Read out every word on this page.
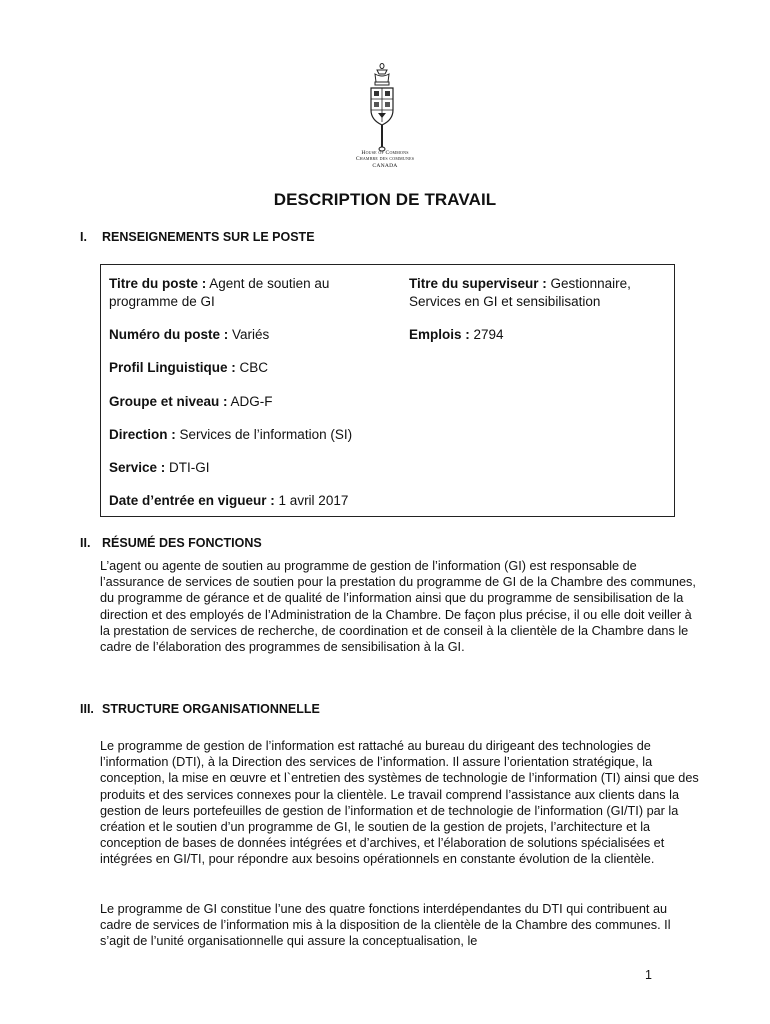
House of Commons
Chambre des communes
CANADA
DESCRIPTION DE TRAVAIL
I. RENSEIGNEMENTS SUR LE POSTE
Titre du poste : Agent de soutien au programme de GI
Titre du superviseur : Gestionnaire, Services en GI et sensibilisation
Numéro du poste : Variés	Emplois : 2794
Profil Linguistique : CBC
Groupe et niveau : ADG-F
Direction : Services de l’information (SI)
Service : DTI-GI
Date d’entrée en vigueur : 1 avril 2017
II. RÉSUMÉ DES FONCTIONS

L’agent ou agente de soutien au programme de gestion de l’information (GI) est responsable de l’assurance de services de soutien pour la prestation du programme de GI de la Chambre des communes, du programme de gérance et de qualité de l’information ainsi que du programme de sensibilisation de la direction et des employés de l’Administration de la Chambre. De façon plus précise, il ou elle doit veiller à la prestation de services de recherche, de coordination et de conseil à la clientèle de la Chambre dans le cadre de l’élaboration des programmes de sensibilisation à la GI.

III. STRUCTURE ORGANISATIONNELLE

Le programme de gestion de l’information est rattaché au bureau du dirigeant des technologies de l’information (DTI), à la Direction des services de l’information. Il assure l’orientation stratégique, la conception, la mise en œuvre et l`entretien des systèmes de technologie de l’information (TI) ainsi que des produits et des services connexes pour la clientèle. Le travail comprend l’assistance aux clients dans la gestion de leurs portefeuilles de gestion de l’information et de technologie de l’information (GI/TI) par la création et le soutien d’un programme de GI, le soutien de la gestion de projets, l’architecture et la conception de bases de données intégrées et d’archives, et l’élaboration de solutions spécialisées et intégrées en GI/TI, pour répondre aux besoins opérationnels en constante évolution de la clientèle.

Le programme de GI constitue l’une des quatre fonctions interdépendantes du DTI qui contribuent au cadre de services de l’information mis à la disposition de la clientèle de la Chambre des communes. Il s’agit de l’unité organisationnelle qui assure la conceptualisation, le

1
